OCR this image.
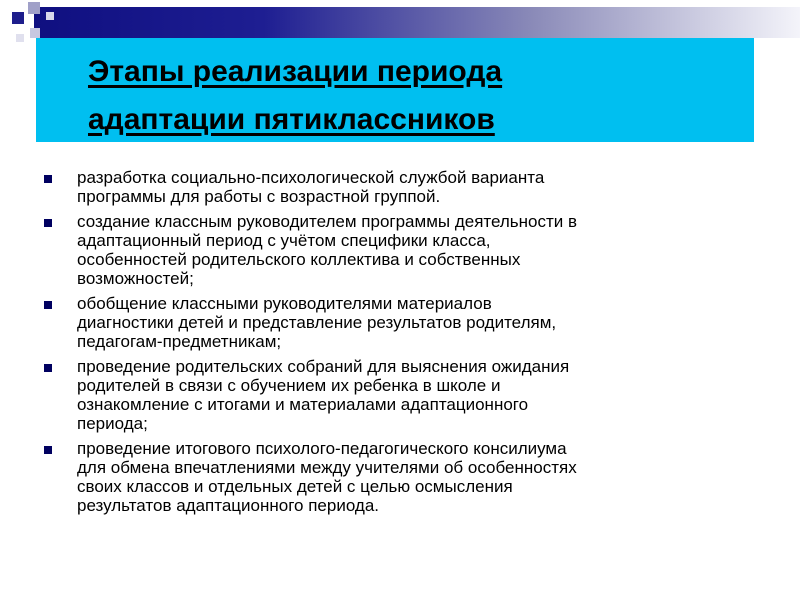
Этапы реализации периода
адаптации пятиклассников
разработка социально-психологической службой варианта
программы для работы с возрастной группой.
создание классным руководителем программы деятельности в
адаптационный период с учётом специфики класса,
особенностей родительского коллектива и собственных
возможностей;
обобщение классными руководителями материалов
диагностики детей и представление результатов родителям,
педагогам-предметникам;
проведение родительских собраний для выяснения ожидания
родителей в связи с обучением их ребенка в школе и
ознакомление с итогами и материалами адаптационного
периода;
проведение итогового психолого-педагогического консилиума
для обмена впечатлениями между учителями об особенностях
своих классов и отдельных детей с целью осмысления
результатов адаптационного периода.
